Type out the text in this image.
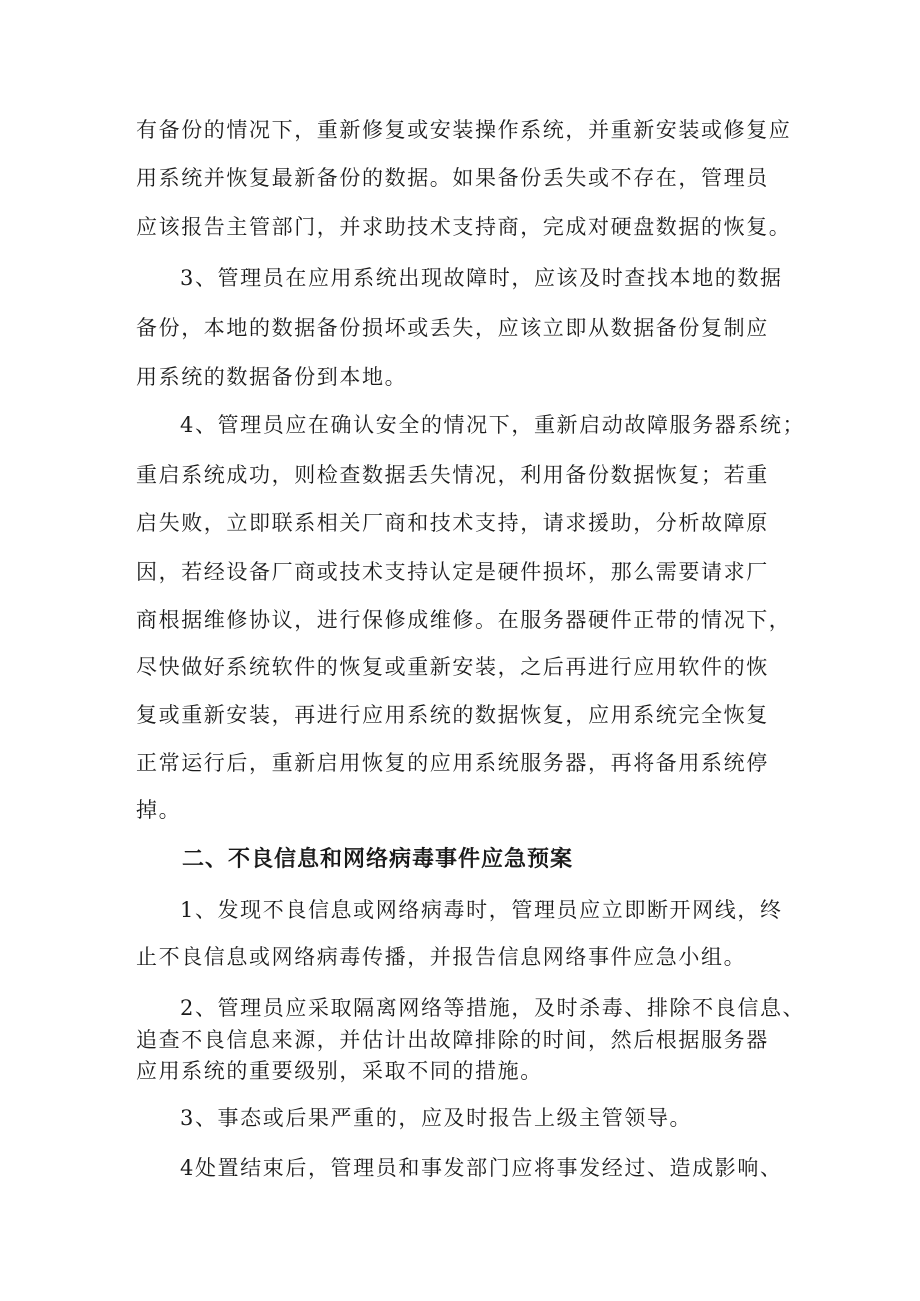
有备份的情况下，重新修复或安装操作系统，并重新安装或修复应
用系统并恢复最新备份的数据。如果备份丢失或不存在，管理员
应该报告主管部门，并求助技术支持商，完成对硬盘数据的恢复。
3、管理员在应用系统出现故障时，应该及时查找本地的数据
备份，本地的数据备份损坏或丢失，应该立即从数据备份复制应
用系统的数据备份到本地。
4、管理员应在确认安全的情况下，重新启动故障服务器系统；
重启系统成功，则检查数据丢失情况，利用备份数据恢复；若重
启失败，立即联系相关厂商和技术支持，请求援助，分析故障原
因，若经设备厂商或技术支持认定是硬件损坏，那么需要请求厂
商根据维修协议，进行保修成维修。在服务器硬件正带的情况下，
尽快做好系统软件的恢复或重新安装，之后再进行应用软件的恢
复或重新安装，再进行应用系统的数据恢复，应用系统完全恢复
正常运行后，重新启用恢复的应用系统服务器，再将备用系统停
掉。
二、不良信息和网络病毒事件应急预案
1、发现不良信息或网络病毒时，管理员应立即断开网线，终
止不良信息或网络病毒传播，并报告信息网络事件应急小组。
2、管理员应采取隔离网络等措施，及时杀毒、排除不良信息、
追查不良信息来源，并估计出故障排除的时间，然后根据服务器
应用系统的重要级别，采取不同的措施。
3、事态或后果严重的，应及时报告上级主管领导。
4处置结束后，管理员和事发部门应将事发经过、造成影响、
